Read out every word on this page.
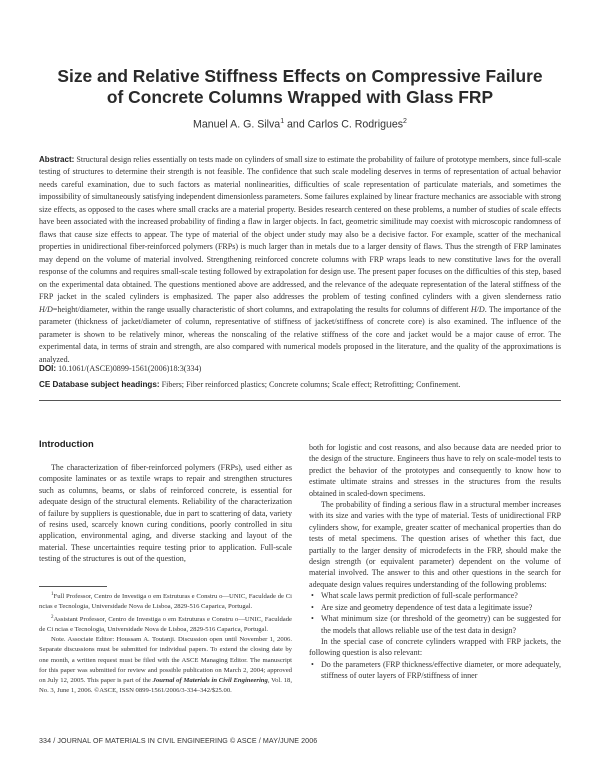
Size and Relative Stiffness Effects on Compressive Failure
of Concrete Columns Wrapped with Glass FRP
Manuel A. G. Silva$^1$ and Carlos C. Rodrigues$^2$
Abstract: Structural design relies essentially on tests made on cylinders of small size to estimate the probability of failure of prototype members, since full-scale testing of structures to determine their strength is not feasible. The confidence that such scale modeling deserves in terms of representation of actual behavior needs careful examination, due to such factors as material nonlinearities, difficulties of scale representation of particulate materials, and sometimes the impossibility of simultaneously satisfying independent dimensionless parameters. Some failures explained by linear fracture mechanics are associable with strong size effects, as opposed to the cases where small cracks are a material property. Besides research centered on these problems, a number of studies of scale effects have been associated with the increased probability of finding a flaw in larger objects. In fact, geometric similitude may coexist with microscopic randomness of flaws that cause size effects to appear. The type of material of the object under study may also be a decisive factor. For example, scatter of the mechanical properties in unidirectional fiber-reinforced polymers (FRPs) is much larger than in metals due to a larger density of flaws. Thus the strength of FRP laminates may depend on the volume of material involved. Strengthening reinforced concrete columns with FRP wraps leads to new constitutive laws for the overall response of the columns and requires small-scale testing followed by extrapolation for design use. The present paper focuses on the difficulties of this step, based on the experimental data obtained. The questions mentioned above are addressed, and the relevance of the adequate representation of the lateral stiffness of the FRP jacket in the scaled cylinders is emphasized. The paper also addresses the problem of testing confined cylinders with a given slenderness ratio H/D=height/diameter, within the range usually characteristic of short columns, and extrapolating the results for columns of different H/D. The importance of the parameter (thickness of jacket/diameter of column, representative of stiffness of jacket/stiffness of concrete core) is also examined. The influence of the parameter is shown to be relatively minor, whereas the nonscaling of the relative stiffness of the core and jacket would be a major cause of error. The experimental data, in terms of strain and strength, are also compared with numerical models proposed in the literature, and the quality of the approximations is analyzed.
DOI: 10.1061/(ASCE)0899-1561(2006)18:3(334)
CE Database subject headings: Fibers; Fiber reinforced plastics; Concrete columns; Scale effect; Retrofitting; Confinement.
Introduction

The characterization of fiber-reinforced polymers (FRPs), used either as composite laminates or as textile wraps to repair and strengthen structures such as columns, beams, or slabs of reinforced concrete, is essential for adequate design of the structural elements. Reliability of the characterization of failure by suppliers is questionable, due in part to scattering of data, variety of resins used, scarcely known curing conditions, poorly controlled in situ application, environmental aging, and diverse stacking and layout of the material. These uncertainties require testing prior to application. Full-scale testing of the structures is out of the question,

$^1$Full Professor, Centro de Investiga o em Estruturas e Constru o—UNIC, Faculdade de Ci ncias e Tecnologia, Universidade Nova de Lisboa, 2829-516 Caparica, Portugal.

$^2$Assistant Professor, Centro de Investiga o em Estruturas e Constru o—UNIC, Faculdade de Ci ncias e Tecnologia, Universidade Nova de Lisboa, 2829-516 Caparica, Portugal.

Note. Associate Editor: Houssam A. Toutanji. Discussion open until November 1, 2006. Separate discussions must be submitted for individual papers. To extend the closing date by one month, a written request must be filed with the ASCE Managing Editor. The manuscript for this paper was submitted for review and possible publication on March 2, 2004; approved on July 12, 2005. This paper is part of the Journal of Materials in Civil Engineering, Vol. 18, No. 3, June 1, 2006. ©ASCE, ISSN 0899-1561/2006/3-334–342/$25.00.

both for logistic and cost reasons, and also because data are needed prior to the design of the structure. Engineers thus have to rely on scale-model tests to predict the behavior of the prototypes and consequently to know how to estimate ultimate strains and stresses in the structures from the results obtained in scaled-down specimens.

The probability of finding a serious flaw in a structural member increases with its size and varies with the type of material. Tests of unidirectional FRP cylinders show, for example, greater scatter of mechanical properties than do tests of metal specimens. The question arises of whether this fact, due partially to the larger density of microdefects in the FRP, should make the design strength (or equivalent parameter) dependent on the volume of material involved. The answer to this and other questions in the search for adequate design values requires understanding of the following problems:

• What scale laws permit prediction of full-scale performance?
• Are size and geometry dependence of test data a legitimate issue?
• What minimum size (or threshold of the geometry) can be suggested for the models that allows reliable use of the test data in design?

In the special case of concrete cylinders wrapped with FRP jackets, the following question is also relevant:

• Do the parameters (FRP thickness/effective diameter, or more adequately, stiffness of outer layers of FRP/stiffness of inner
334 / JOURNAL OF MATERIALS IN CIVIL ENGINEERING © ASCE / MAY/JUNE 2006
